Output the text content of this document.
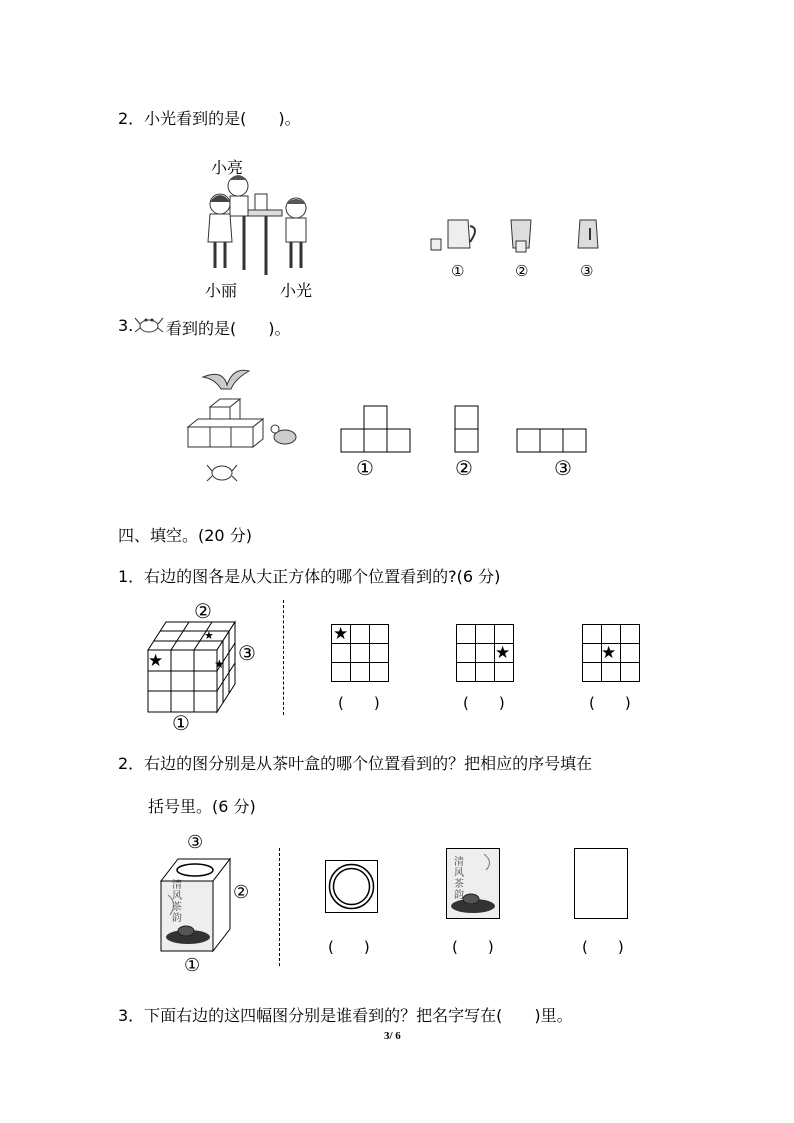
2．小光看到的是(　　)。
小亮
小丽	小光
①	②	③
3. 看到的是(　　)。
①	②	③
四、填空。(20 分)
1．右边的图各是从大正方体的哪个位置看到的?(6 分)
★
★
★
②
③
①
★
★	★
(　　)	(　　)	(　　)
2．右边的图分别是从茶叶盒的哪个位置看到的？把相应的序号填在
括号里。(6 分)
清风茶韵
③
②
①
清风茶韵
(　　)	(　　)	(　　)
3．下面右边的这四幅图分别是谁看到的？把名字写在(　　)里。
3/ 6
